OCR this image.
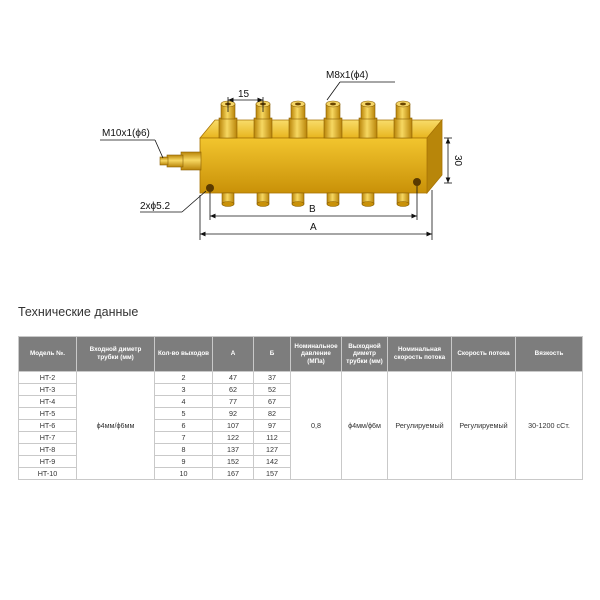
15
M8x1(ϕ4)
M10x1(ϕ6)
30
2xϕ5.2	B
A
Технические данные
Модель №.	Входной диметр трубки (мм)	Кол-во выходов	А	Б	Номинальное давление (МПа)	Выходной диметр трубки (мм)	Номинальная скорость потока	Скорость потока	Вязкость
HT-2	ϕ4мм/ϕ6мм	2	47	37	0,8	ϕ4мм/ϕ6м	Регулируемый	Регулируемый	30-1200 сСт.
HT-3		3	62	52					
HT-4		4	77	67					
HT-5		5	92	82					
HT-6		6	107	97					
HT-7		7	122	112					
HT-8		8	137	127					
HT-9		9	152	142					
HT-10		10	167	157					
